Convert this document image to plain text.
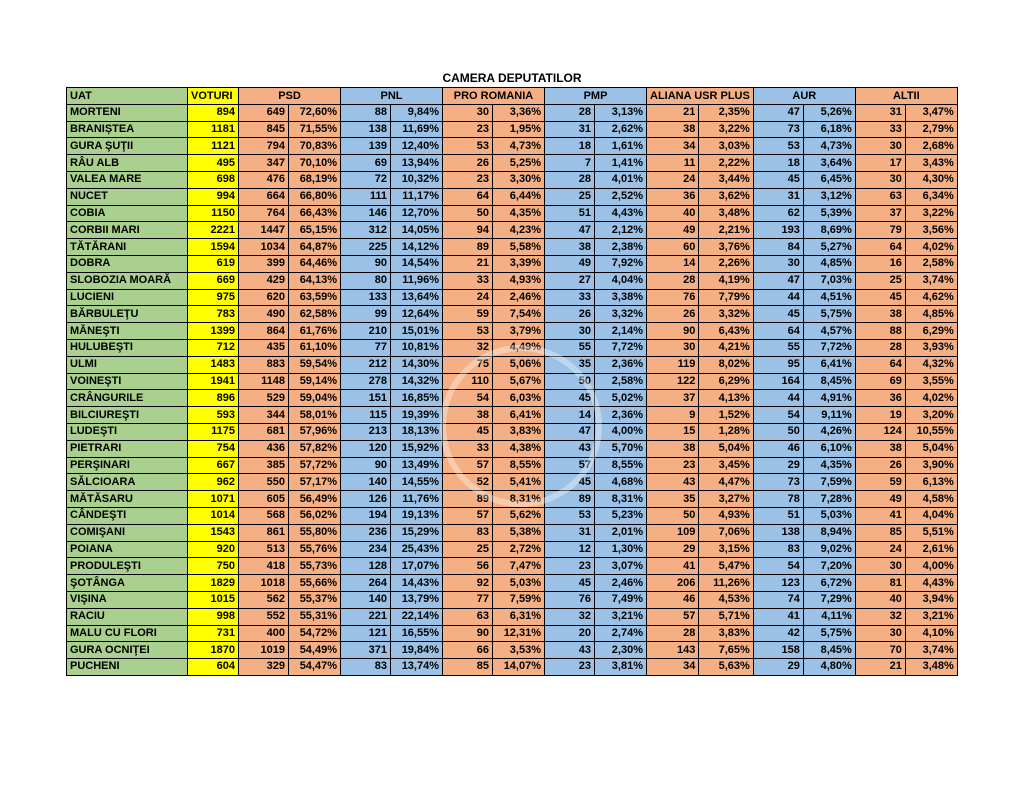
CAMERA DEPUTATILOR
UAT	VOTURI	PSD		PNL		PRO ROMANIA		PMP		ALIANA USR PLUS		AUR		ALTII	
MORTENI	894	649	72,60%	88	9,84%	30	3,36%	28	3,13%	21	2,35%	47	5,26%	31	3,47%
BRANIȘTEA	1181	845	71,55%	138	11,69%	23	1,95%	31	2,62%	38	3,22%	73	6,18%	33	2,79%
GURA ŞUŢII	1121	794	70,83%	139	12,40%	53	4,73%	18	1,61%	34	3,03%	53	4,73%	30	2,68%
RÂU ALB	495	347	70,10%	69	13,94%	26	5,25%	7	1,41%	11	2,22%	18	3,64%	17	3,43%
VALEA MARE	698	476	68,19%	72	10,32%	23	3,30%	28	4,01%	24	3,44%	45	6,45%	30	4,30%
NUCET	994	664	66,80%	111	11,17%	64	6,44%	25	2,52%	36	3,62%	31	3,12%	63	6,34%
COBIA	1150	764	66,43%	146	12,70%	50	4,35%	51	4,43%	40	3,48%	62	5,39%	37	3,22%
CORBII MARI	2221	1447	65,15%	312	14,05%	94	4,23%	47	2,12%	49	2,21%	193	8,69%	79	3,56%
TĂTĂRANI	1594	1034	64,87%	225	14,12%	89	5,58%	38	2,38%	60	3,76%	84	5,27%	64	4,02%
DOBRA	619	399	64,46%	90	14,54%	21	3,39%	49	7,92%	14	2,26%	30	4,85%	16	2,58%
SLOBOZIA MOARĂ	669	429	64,13%	80	11,96%	33	4,93%	27	4,04%	28	4,19%	47	7,03%	25	3,74%
LUCIENI	975	620	63,59%	133	13,64%	24	2,46%	33	3,38%	76	7,79%	44	4,51%	45	4,62%
BĂRBULEŢU	783	490	62,58%	99	12,64%	59	7,54%	26	3,32%	26	3,32%	45	5,75%	38	4,85%
MĂNEŞTI	1399	864	61,76%	210	15,01%	53	3,79%	30	2,14%	90	6,43%	64	4,57%	88	6,29%
HULUBEŞTI	712	435	61,10%	77	10,81%	32	4,49%	55	7,72%	30	4,21%	55	7,72%	28	3,93%
ULMI	1483	883	59,54%	212	14,30%	75	5,06%	35	2,36%	119	8,02%	95	6,41%	64	4,32%
VOINEŞTI	1941	1148	59,14%	278	14,32%	110	5,67%	50	2,58%	122	6,29%	164	8,45%	69	3,55%
CRÂNGURILE	896	529	59,04%	151	16,85%	54	6,03%	45	5,02%	37	4,13%	44	4,91%	36	4,02%
BILCIUREŞTI	593	344	58,01%	115	19,39%	38	6,41%	14	2,36%	9	1,52%	54	9,11%	19	3,20%
LUDEŞTI	1175	681	57,96%	213	18,13%	45	3,83%	47	4,00%	15	1,28%	50	4,26%	124	10,55%
PIETRARI	754	436	57,82%	120	15,92%	33	4,38%	43	5,70%	38	5,04%	46	6,10%	38	5,04%
PERŞINARI	667	385	57,72%	90	13,49%	57	8,55%	57	8,55%	23	3,45%	29	4,35%	26	3,90%
SĂLCIOARA	962	550	57,17%	140	14,55%	52	5,41%	45	4,68%	43	4,47%	73	7,59%	59	6,13%
MĂTĂSARU	1071	605	56,49%	126	11,76%	89	8,31%	89	8,31%	35	3,27%	78	7,28%	49	4,58%
CÂNDEŞTI	1014	568	56,02%	194	19,13%	57	5,62%	53	5,23%	50	4,93%	51	5,03%	41	4,04%
COMIŞANI	1543	861	55,80%	236	15,29%	83	5,38%	31	2,01%	109	7,06%	138	8,94%	85	5,51%
POIANA	920	513	55,76%	234	25,43%	25	2,72%	12	1,30%	29	3,15%	83	9,02%	24	2,61%
PRODULEŞTI	750	418	55,73%	128	17,07%	56	7,47%	23	3,07%	41	5,47%	54	7,20%	30	4,00%
ŞOTÂNGA	1829	1018	55,66%	264	14,43%	92	5,03%	45	2,46%	206	11,26%	123	6,72%	81	4,43%
VIŞINA	1015	562	55,37%	140	13,79%	77	7,59%	76	7,49%	46	4,53%	74	7,29%	40	3,94%
RACIU	998	552	55,31%	221	22,14%	63	6,31%	32	3,21%	57	5,71%	41	4,11%	32	3,21%
MALU CU FLORI	731	400	54,72%	121	16,55%	90	12,31%	20	2,74%	28	3,83%	42	5,75%	30	4,10%
GURA OCNIŢEI	1870	1019	54,49%	371	19,84%	66	3,53%	43	2,30%	143	7,65%	158	8,45%	70	3,74%
PUCHENI	604	329	54,47%	83	13,74%	85	14,07%	23	3,81%	34	5,63%	29	4,80%	21	3,48%
